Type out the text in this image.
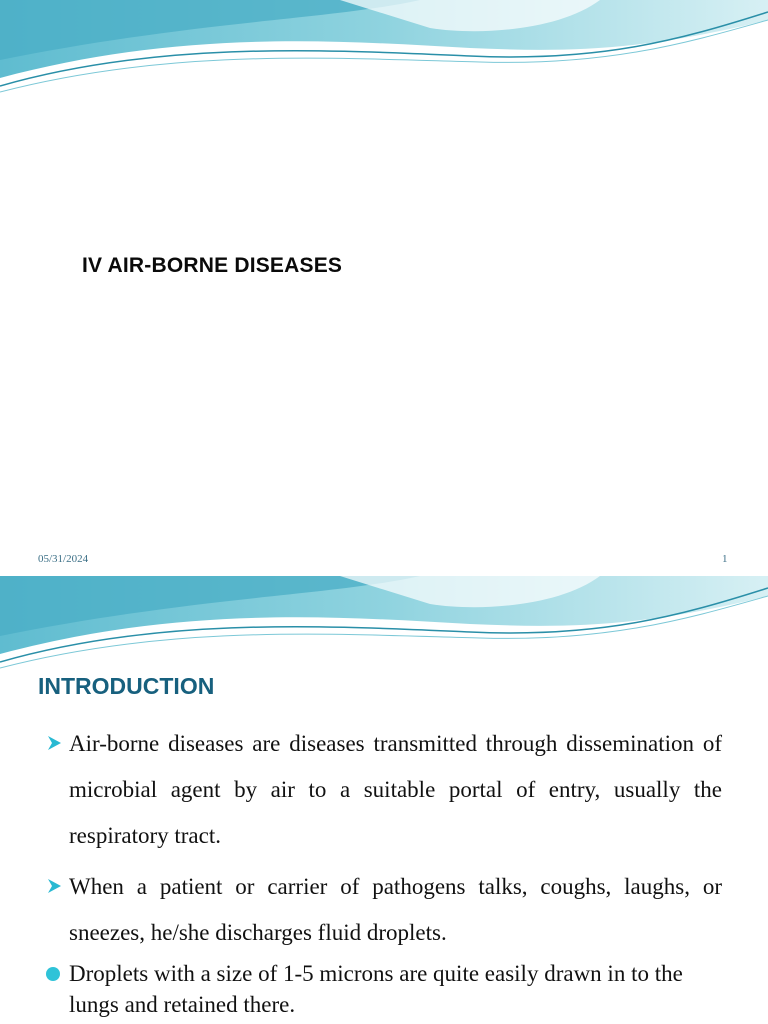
IV AIR-BORNE DISEASES
05/31/2024	1
INTRODUCTION
Air-borne diseases are diseases transmitted through dissemination of microbial agent by air to a suitable portal of entry, usually the respiratory tract.
When a patient or carrier of pathogens talks, coughs, laughs, or sneezes, he/she discharges fluid droplets.
Droplets with a size of 1-5 microns are quite easily drawn in to the lungs and retained there.
